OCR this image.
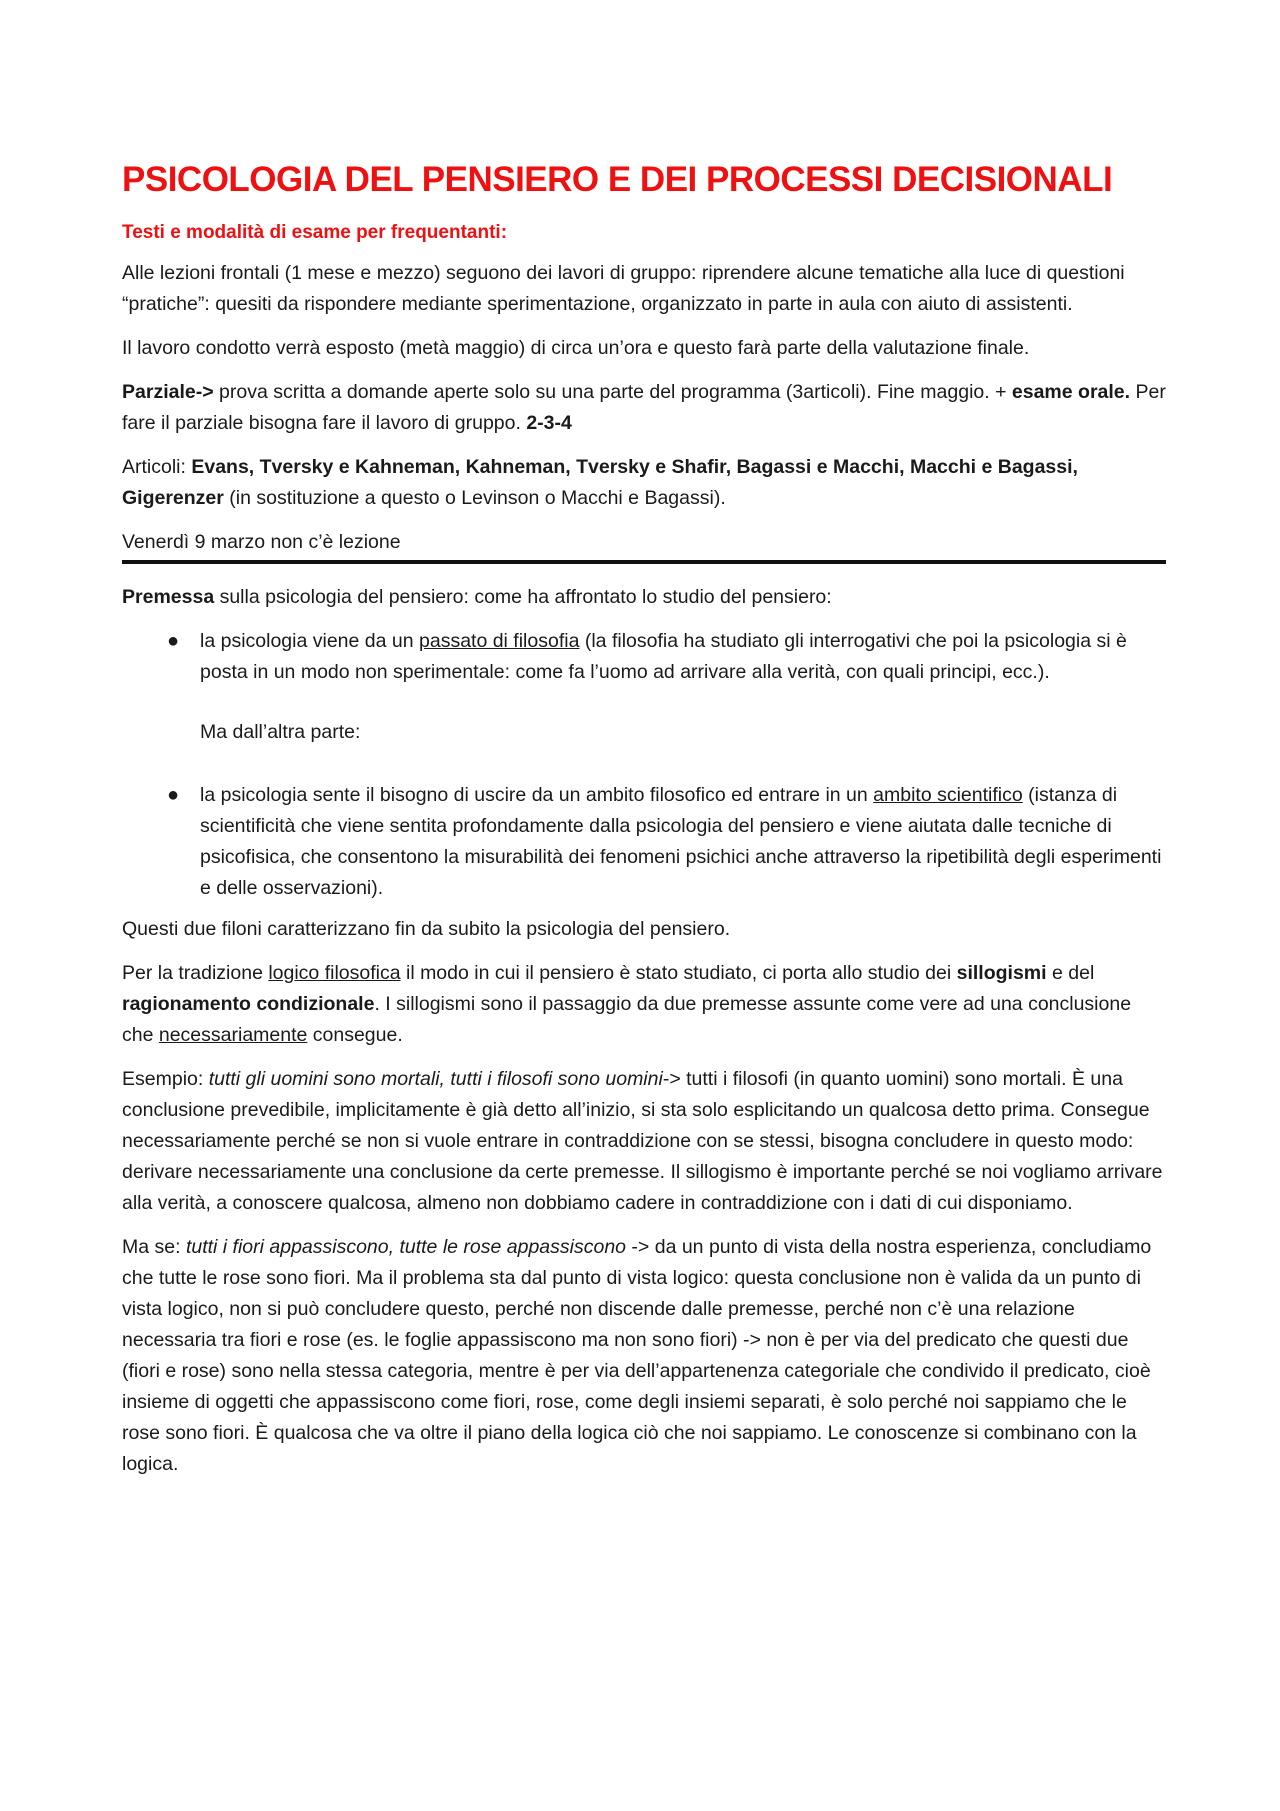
PSICOLOGIA DEL PENSIERO E DEI PROCESSI DECISIONALI
Testi e modalità di esame per frequentanti:

Alle lezioni frontali (1 mese e mezzo) seguono dei lavori di gruppo: riprendere alcune tematiche alla luce di questioni “pratiche”: quesiti da rispondere mediante sperimentazione, organizzato in parte in aula con aiuto di assistenti.

Il lavoro condotto verrà esposto (metà maggio) di circa un’ora e questo farà parte della valutazione finale.

Parziale-> prova scritta a domande aperte solo su una parte del programma (3articoli). Fine maggio. + esame orale. Per fare il parziale bisogna fare il lavoro di gruppo. 2-3-4

Articoli: Evans, Tversky e Kahneman, Kahneman, Tversky e Shafir, Bagassi e Macchi, Macchi e Bagassi, Gigerenzer (in sostituzione a questo o Levinson o Macchi e Bagassi).

Venerdì 9 marzo non c’è lezione

Premessa sulla psicologia del pensiero: come ha affrontato lo studio del pensiero:

● la psicologia viene da un passato di filosofia (la filosofia ha studiato gli interrogativi che poi la psicologia si è posta in un modo non sperimentale: come fa l’uomo ad arrivare alla verità, con quali principi, ecc.).
Ma dall’altra parte:
● la psicologia sente il bisogno di uscire da un ambito filosofico ed entrare in un ambito scientifico (istanza di scientificità che viene sentita profondamente dalla psicologia del pensiero e viene aiutata dalle tecniche di psicofisica, che consentono la misurabilità dei fenomeni psichici anche attraverso la ripetibilità degli esperimenti e delle osservazioni).

Questi due filoni caratterizzano fin da subito la psicologia del pensiero.

Per la tradizione logico filosofica il modo in cui il pensiero è stato studiato, ci porta allo studio dei sillogismi e del ragionamento condizionale. I sillogismi sono il passaggio da due premesse assunte come vere ad una conclusione che necessariamente consegue.

Esempio: tutti gli uomini sono mortali, tutti i filosofi sono uomini-> tutti i filosofi (in quanto uomini) sono mortali. È una conclusione prevedibile, implicitamente è già detto all’inizio, si sta solo esplicitando un qualcosa detto prima. Consegue necessariamente perché se non si vuole entrare in contraddizione con se stessi, bisogna concludere in questo modo: derivare necessariamente una conclusione da certe premesse. Il sillogismo è importante perché se noi vogliamo arrivare alla verità, a conoscere qualcosa, almeno non dobbiamo cadere in contraddizione con i dati di cui disponiamo.

Ma se: tutti i fiori appassiscono, tutte le rose appassiscono -> da un punto di vista della nostra esperienza, concludiamo che tutte le rose sono fiori. Ma il problema sta dal punto di vista logico: questa conclusione non è valida da un punto di vista logico, non si può concludere questo, perché non discende dalle premesse, perché non c’è una relazione necessaria tra fiori e rose (es. le foglie appassiscono ma non sono fiori) -> non è per via del predicato che questi due (fiori e rose) sono nella stessa categoria, mentre è per via dell’appartenenza categoriale che condivido il predicato, cioè insieme di oggetti che appassiscono come fiori, rose, come degli insiemi separati, è solo perché noi sappiamo che le rose sono fiori. È qualcosa che va oltre il piano della logica ciò che noi sappiamo. Le conoscenze si combinano con la logica.
